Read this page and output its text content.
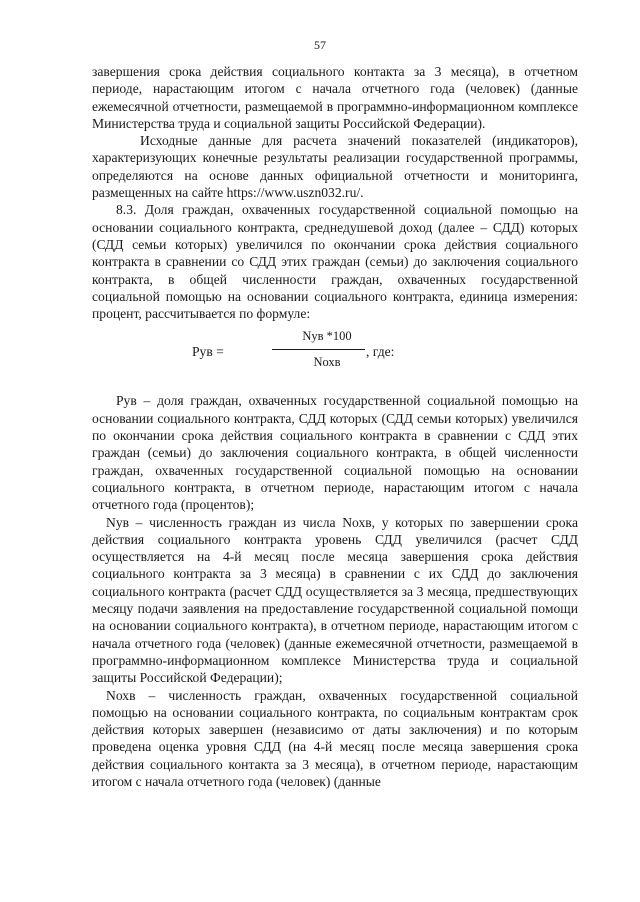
57

завершения срока действия социального контакта за 3 месяца), в отчетном периоде, нарастающим итогом с начала отчетного года (человек) (данные ежемесячной отчетности, размещаемой в программно-информационном комплексе Министерства труда и социальной защиты Российской Федерации).

Исходные данные для расчета значений показателей (индикаторов), характеризующих конечные результаты реализации государственной программы, определяются на основе данных официальной отчетности и мониторинга, размещенных на сайте https://www.uszn032.ru/.

8.3. Доля граждан, охваченных государственной социальной помощью на основании социального контракта, среднедушевой доход (далее – СДД) которых (СДД семьи которых) увеличился по окончании срока действия социального контракта в сравнении со СДД этих граждан (семьи) до заключения социального контракта, в общей численности граждан, охваченных государственной социальной помощью на основании социального контракта, единица измерения: процент, рассчитывается по формуле:

Рув =
Nув *100
Nохв
, где:

Рув – доля граждан, охваченных государственной социальной помощью на основании социального контракта, СДД которых (СДД семьи которых) увеличился по окончании срока действия социального контракта в сравнении с СДД этих граждан (семьи) до заключения социального контракта, в общей численности граждан, охваченных государственной социальной помощью на основании социального контракта, в отчетном периоде, нарастающим итогом с начала отчетного года (процентов);

Nув – численность граждан из числа Nохв, у которых по завершении срока действия социального контракта уровень СДД увеличился (расчет СДД осуществляется на 4-й месяц после месяца завершения срока действия социального контракта за 3 месяца) в сравнении с их СДД до заключения социального контракта (расчет СДД осуществляется за 3 месяца, предшествующих месяцу подачи заявления на предоставление государственной социальной помощи на основании социального контракта), в отчетном периоде, нарастающим итогом с начала отчетного года (человек) (данные ежемесячной отчетности, размещаемой в программно-информационном комплексе Министерства труда и социальной защиты Российской Федерации);

Nохв – численность граждан, охваченных государственной социальной помощью на основании социального контракта, по социальным контрактам срок действия которых завершен (независимо от даты заключения) и по которым проведена оценка уровня СДД (на 4-й месяц после месяца завершения срока действия социального контакта за 3 месяца), в отчетном периоде, нарастающим итогом с начала отчетного года (человек) (данные
